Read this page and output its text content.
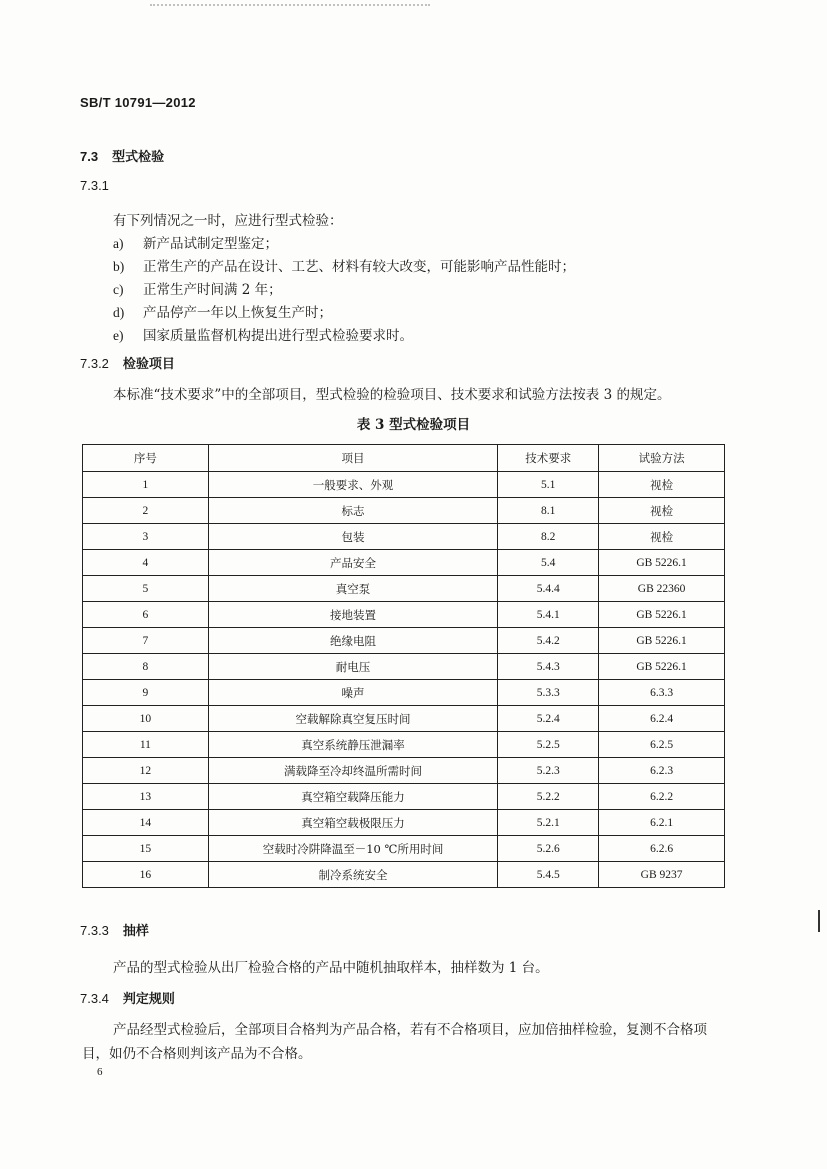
SB/T 10791—2012
7.3 型式检验
7.3.1
有下列情况之一时，应进行型式检验：
a) 新产品试制定型鉴定；
b) 正常生产的产品在设计、工艺、材料有较大改变，可能影响产品性能时；
c) 正常生产时间满 2 年；
d) 产品停产一年以上恢复生产时；
e) 国家质量监督机构提出进行型式检验要求时。
7.3.2 检验项目
本标准“技术要求”中的全部项目，型式检验的检验项目、技术要求和试验方法按表 3 的规定。
表 3 型式检验项目
序号	项目	技术要求	试验方法
1	一般要求、外观	5.1	视检
2	标志	8.1	视检
3	包装	8.2	视检
4	产品安全	5.4	GB 5226.1
5	真空泵	5.4.4	GB 22360
6	接地装置	5.4.1	GB 5226.1
7	绝缘电阻	5.4.2	GB 5226.1
8	耐电压	5.4.3	GB 5226.1
9	噪声	5.3.3	6.3.3
10	空载解除真空复压时间	5.2.4	6.2.4
11	真空系统静压泄漏率	5.2.5	6.2.5
12	满载降至冷却终温所需时间	5.2.3	6.2.3
13	真空箱空载降压能力	5.2.2	6.2.2
14	真空箱空载极限压力	5.2.1	6.2.1
15	空载时冷阱降温至－10 ℃所用时间	5.2.6	6.2.6
16	制冷系统安全	5.4.5	GB 9237
7.3.3 抽样
产品的型式检验从出厂检验合格的产品中随机抽取样本，抽样数为 1 台。
7.3.4 判定规则
产品经型式检验后，全部项目合格判为产品合格，若有不合格项目，应加倍抽样检验，复测不合格项
目，如仍不合格则判该产品为不合格。
6
